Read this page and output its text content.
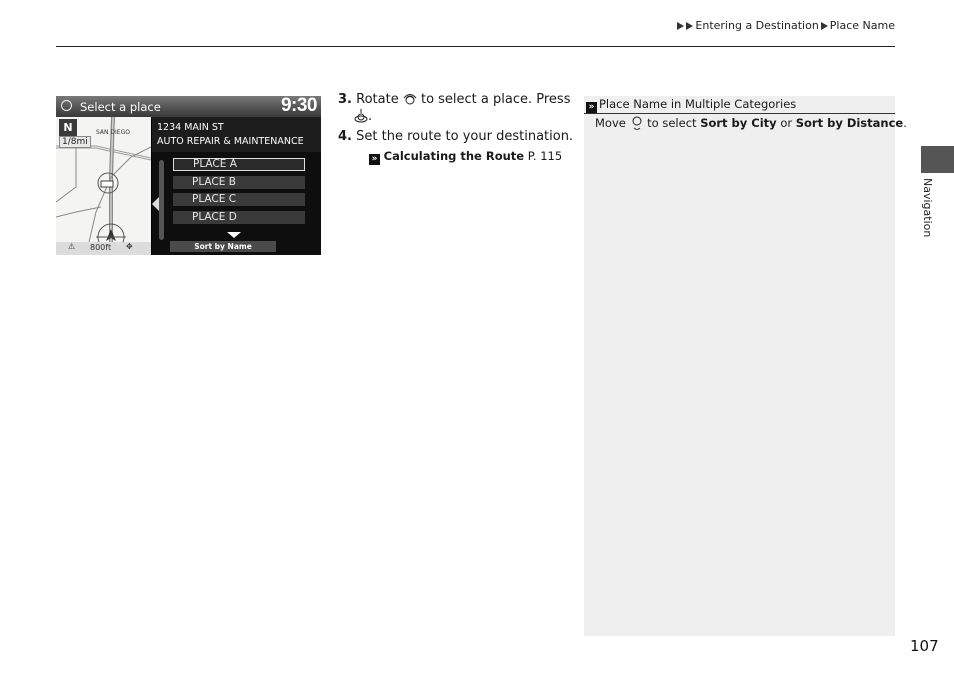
Entering a Destination Place Name
Select a place	9:30
N
1/8mi
SAN DIEGO
⚠ 800ft ✥
1234 MAIN ST
AUTO REPAIR & MAINTENANCE
PLACE A
PLACE B
PLACE C
PLACE D
Sort by Name
3. Rotate to select a place. Press
.
4. Set the route to your destination.
» Calculating the Route P. 115
» Place Name in Multiple Categories
Move to select Sort by City or Sort by Distance.
Navigation
107
